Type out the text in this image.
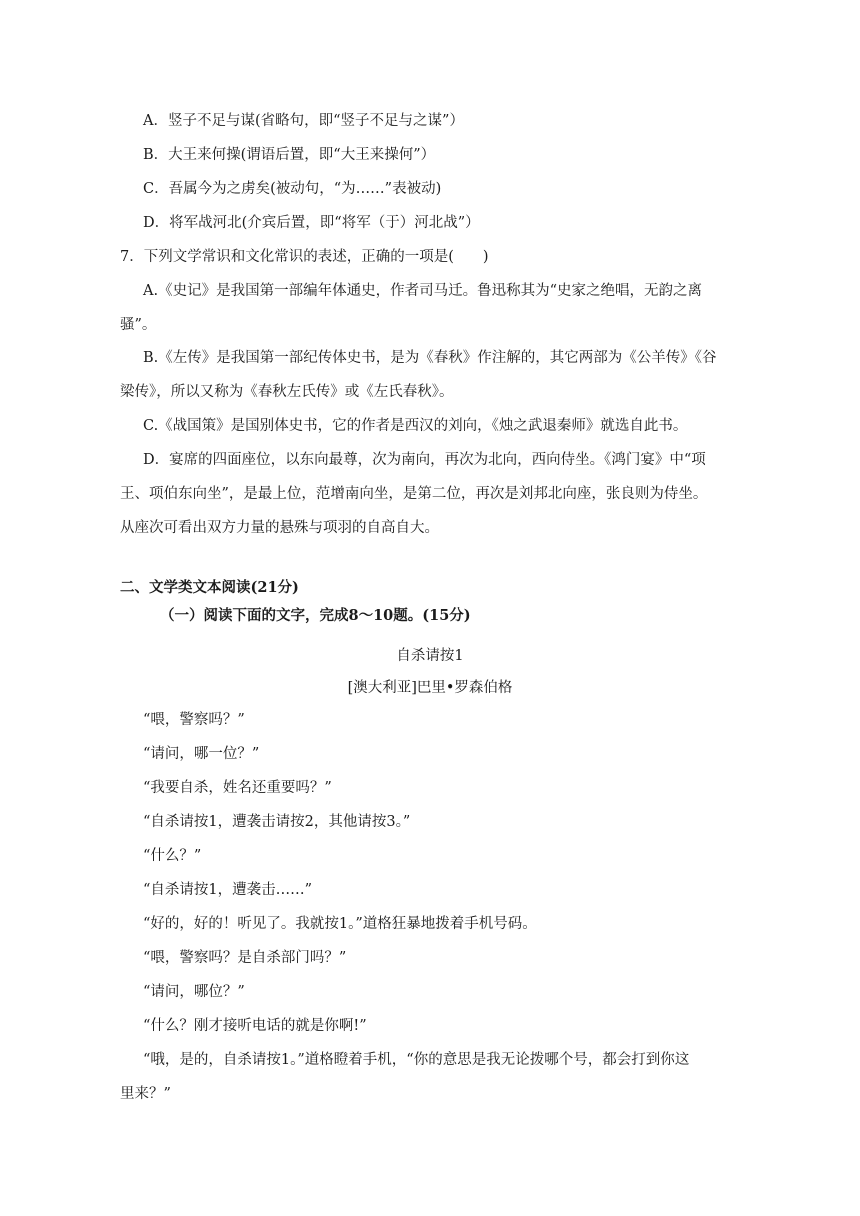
A．竖子不足与谋(省略句，即“竖子不足与之谋”）
B．大王来何操(谓语后置，即“大王来操何”）
C．吾属今为之虏矣(被动句，“为……”表被动)
D．将军战河北(介宾后置，即“将军（于）河北战”）
7．下列文学常识和文化常识的表述，正确的一项是(　　)
A.《史记》是我国第一部编年体通史，作者司马迁。鲁迅称其为“史家之绝唱，无韵之离
骚”。
B.《左传》是我国第一部纪传体史书，是为《春秋》作注解的，其它两部为《公羊传》《谷
梁传》，所以又称为《春秋左氏传》或《左氏春秋》。
C.《战国策》是国别体史书，它的作者是西汉的刘向，《烛之武退秦师》就选自此书。
D．宴席的四面座位，以东向最尊，次为南向，再次为北向，西向侍坐。《鸿门宴》中“项
王、项伯东向坐”，是最上位，范增南向坐，是第二位，再次是刘邦北向座，张良则为侍坐。
从座次可看出双方力量的悬殊与项羽的自高自大。
二、文学类文本阅读(21分)
（一）阅读下面的文字，完成8～10题。(15分)
自杀请按1
[澳大利亚]巴里•罗森伯格
“喂，警察吗？”
“请问，哪一位？”
“我要自杀，姓名还重要吗？”
“自杀请按1，遭袭击请按2，其他请按3。”
“什么？”
“自杀请按1，遭袭击……”
“好的，好的！听见了。我就按1。”道格狂暴地拨着手机号码。
“喂，警察吗？是自杀部门吗？”
“请问，哪位？”
“什么？刚才接听电话的就是你啊!”
“哦，是的，自杀请按1。”道格瞪着手机，“你的意思是我无论拨哪个号，都会打到你这
里来？”
